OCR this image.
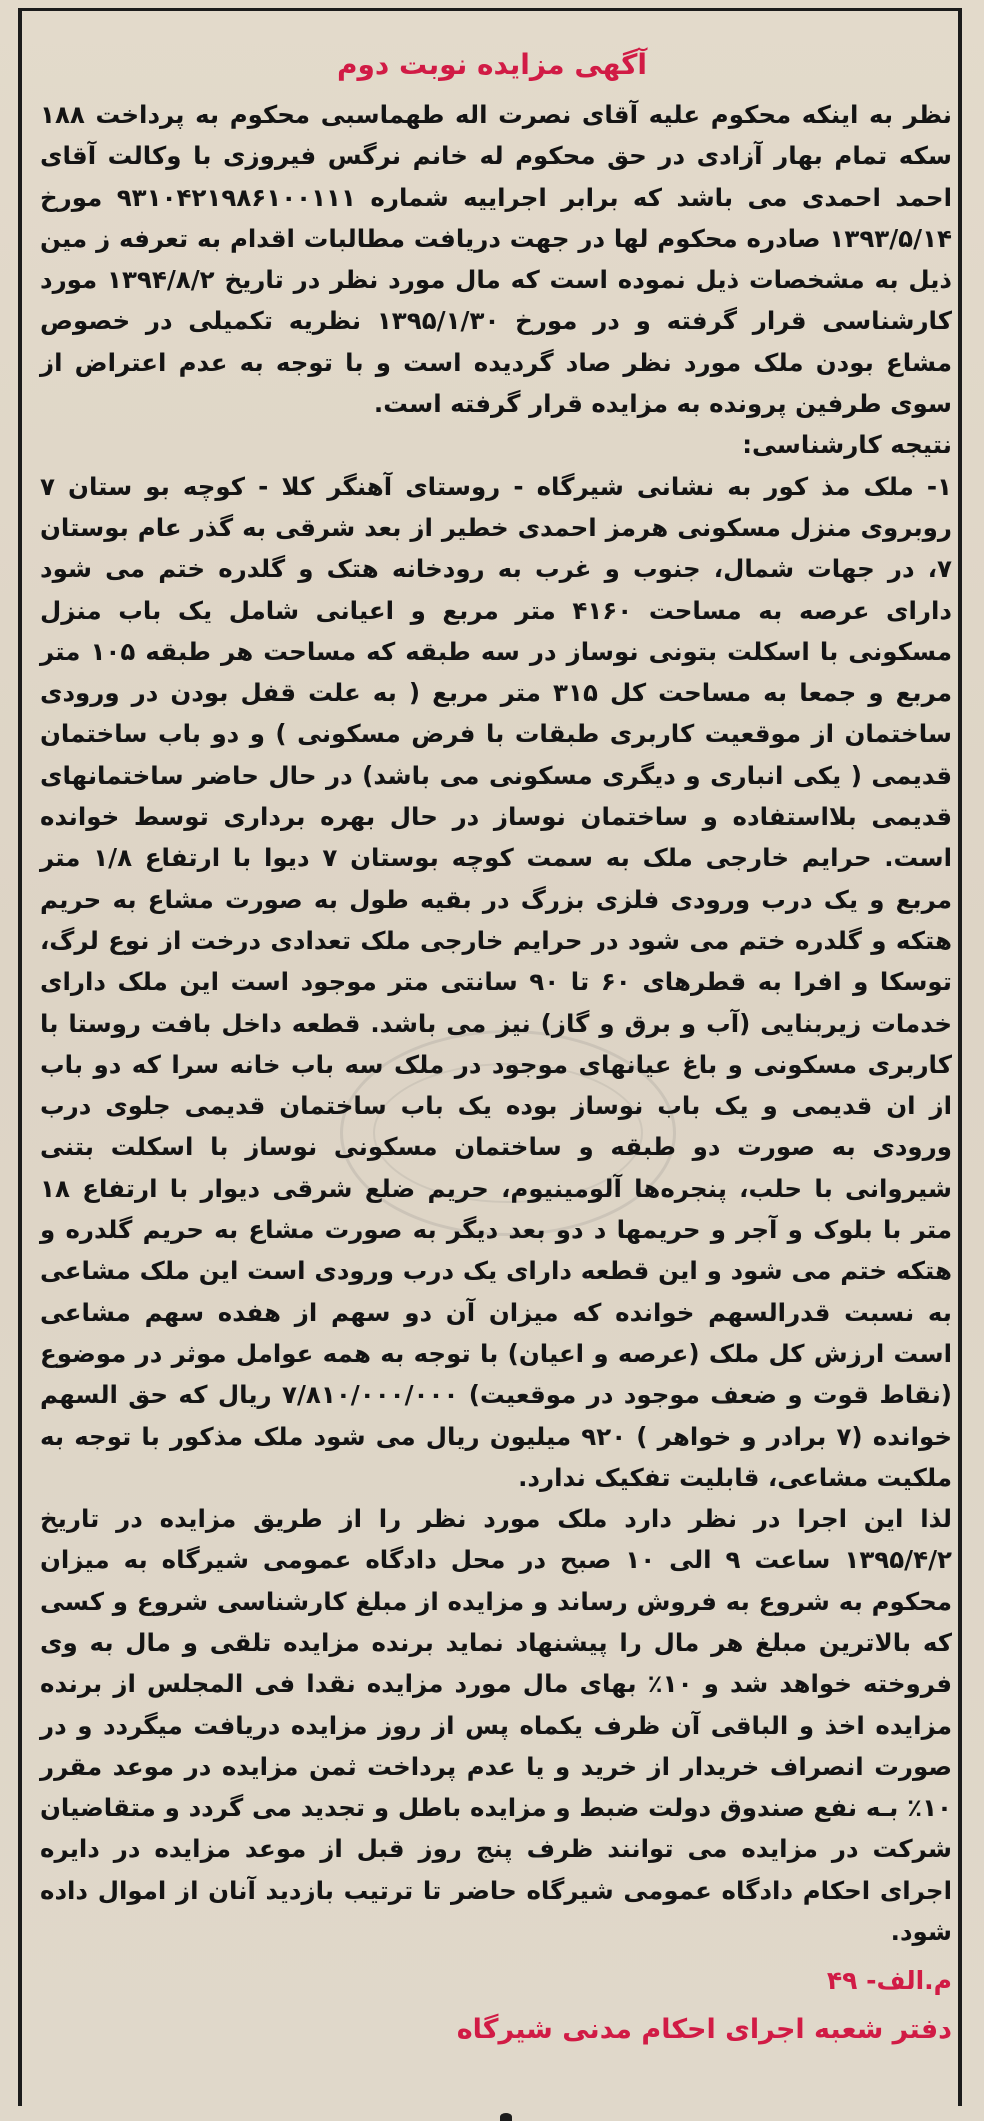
آگهی مزایده نوبت دوم

نظر به اینکه محکوم علیه آقای نصرت اله طهماسبی محکوم به پرداخت ۱۸۸ سکه تمام بهار آزادی در حق محکوم له خانم نرگس فیروزی با وکالت آقای احمد احمدی می باشد که برابر اجراییه شماره ۹۳۱۰۴۲۱۹۸۶۱۰۰۱۱۱ مورخ ۱۳۹۳/۵/۱۴ صادره محکوم لها در جهت دریافت مطالبات اقدام به تعرفه ز مین ذیل به مشخصات ذیل نموده است که مال مورد نظر در تاریخ ۱۳۹۴/۸/۲ مورد کارشناسی قرار گرفته و در مورخ ۱۳۹۵/۱/۳۰ نظریه تکمیلی در خصوص مشاع بودن ملک مورد نظر صاد گردیده است و با توجه به عدم اعتراض از سوی طرفین پرونده به مزایده قرار گرفته است.

نتیجه کارشناسی:

۱- ملک مذ کور به نشانی شیرگاه - روستای آهنگر کلا - کوچه بو ستان ۷ روبروی منزل مسکونی هرمز احمدی خطیر از بعد شرقی به گذر عام بوستان ۷، در جهات شمال، جنوب و غرب به رودخانه هتک و گلدره ختم می شود دارای عرصه به مساحت ۴۱۶۰ متر مربع و اعیانی شامل یک باب منزل مسکونی با اسکلت بتونی نوساز در سه طبقه که مساحت هر طبقه ۱۰۵ متر مربع و جمعا به مساحت کل ۳۱۵ متر مربع ( به علت قفل بودن در ورودی ساختمان از موقعیت کاربری طبقات با فرض مسکونی ) و دو باب ساختمان قدیمی ( یکی انباری و دیگری مسکونی می باشد) در حال حاضر ساختمانهای قدیمی بلااستفاده و ساختمان نوساز در حال بهره برداری توسط خوانده است. حرایم خارجی ملک به سمت کوچه بوستان ۷ دیوا با ارتفاع ۱/۸ متر مربع و یک درب ورودی فلزی بزرگ در بقیه طول به صورت مشاع به حریم هتکه و گلدره ختم می شود در حرایم خارجی ملک تعدادی درخت از نوع لرگ، توسکا و افرا به قطرهای ۶۰ تا ۹۰ سانتی متر موجود است این ملک دارای خدمات زیربنایی (آب و برق و گاز) نیز می باشد. قطعه داخل بافت روستا با کاربری مسکونی و باغ عیانهای موجود در ملک سه باب خانه سرا که دو باب از ان قدیمی و یک باب نوساز بوده یک باب ساختمان قدیمی جلوی درب ورودی به صورت دو طبقه و ساختمان مسکونی نوساز با اسکلت بتنی شیروانی با حلب، پنجره‌ها آلومینیوم، حریم ضلع شرقی دیوار با ارتفاع ۱۸ متر با بلوک و آجر و حریمها د دو بعد دیگر به صورت مشاع به حریم گلدره و هتکه ختم می شود و این قطعه دارای یک درب ورودی است این ملک مشاعی به نسبت قدرالسهم خوانده که میزان آن دو سهم از هفده سهم مشاعی است ارزش کل ملک (عرصه و اعیان) با توجه به همه عوامل موثر در موضوع (نقاط قوت و ضعف موجود در موقعیت) ۷/۸۱۰/۰۰۰/۰۰۰ ریال که حق السهم خوانده (۷ برادر و خواهر ) ۹۲۰ میلیون ریال می شود ملک مذکور با توجه به ملکیت مشاعی، قابلیت تفکیک ندارد.

لذا این اجرا در نظر دارد ملک مورد نظر را از طریق مزایده در تاریخ ۱۳۹۵/۴/۲ ساعت ۹ الی ۱۰ صبح در محل دادگاه عمومی شیرگاه به میزان محکوم به شروع به فروش رساند و مزایده از مبلغ کارشناسی شروع و کسی که بالاترین مبلغ هر مال را پیشنهاد نماید برنده مزایده تلقی و مال به وی فروخته خواهد شد و ۱۰٪ بهای مال مورد مزایده نقدا فی المجلس از برنده مزایده اخذ و الباقی آن ظرف یکماه پس از روز مزایده دریافت میگردد و در صورت انصراف خریدار از خرید و یا عدم پرداخت ثمن مزایده در موعد مقرر ۱۰٪ بـه نفع صندوق دولت ضبط و مزایده باطل و تجدید می گردد و متقاضیان شرکت در مزایده می توانند ظرف پنج روز قبل از موعد مزایده در دایره اجرای احکام دادگاه عمومی شیرگاه حاضر تا ترتیب بازدید آنان از اموال داده شود.

م.الف- ۴۹
دفتر شعبه اجرای احکام مدنی شیرگاه
